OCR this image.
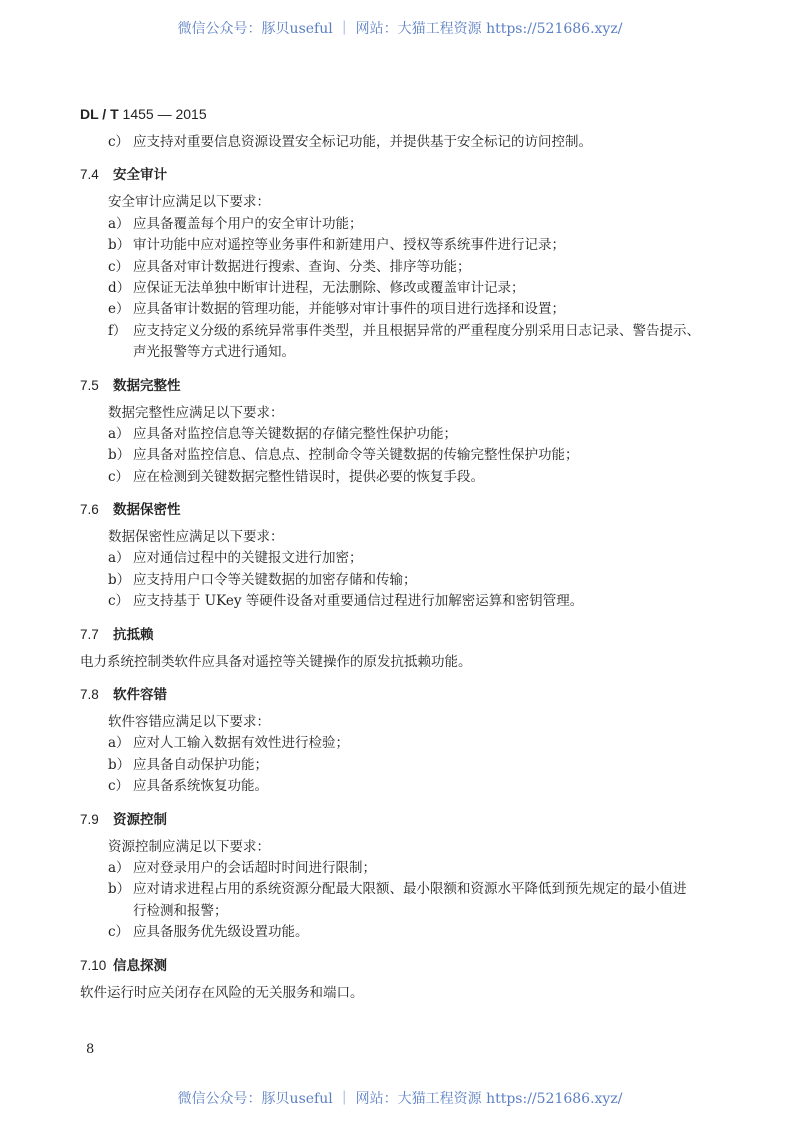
微信公众号：豚贝useful ｜ 网站：大猫工程资源 https://521686.xyz/
DL / T 1455 — 2015
c） 应支持对重要信息资源设置安全标记功能，并提供基于安全标记的访问控制。
7.4 安全审计
安全审计应满足以下要求：
a） 应具备覆盖每个用户的安全审计功能；
b） 审计功能中应对遥控等业务事件和新建用户、授权等系统事件进行记录；
c） 应具备对审计数据进行搜索、查询、分类、排序等功能；
d） 应保证无法单独中断审计进程，无法删除、修改或覆盖审计记录；
e） 应具备审计数据的管理功能，并能够对审计事件的项目进行选择和设置；
f） 应支持定义分级的系统异常事件类型，并且根据异常的严重程度分别采用日志记录、警告提示、
声光报警等方式进行通知。
7.5 数据完整性
数据完整性应满足以下要求：
a） 应具备对监控信息等关键数据的存储完整性保护功能；
b） 应具备对监控信息、信息点、控制命令等关键数据的传输完整性保护功能；
c） 应在检测到关键数据完整性错误时，提供必要的恢复手段。
7.6 数据保密性
数据保密性应满足以下要求：
a） 应对通信过程中的关键报文进行加密；
b） 应支持用户口令等关键数据的加密存储和传输；
c） 应支持基于 UKey 等硬件设备对重要通信过程进行加解密运算和密钥管理。
7.7 抗抵赖
电力系统控制类软件应具备对遥控等关键操作的原发抗抵赖功能。
7.8 软件容错
软件容错应满足以下要求：
a） 应对人工输入数据有效性进行检验；
b） 应具备自动保护功能；
c） 应具备系统恢复功能。
7.9 资源控制
资源控制应满足以下要求：
a） 应对登录用户的会话超时时间进行限制；
b） 应对请求进程占用的系统资源分配最大限额、最小限额和资源水平降低到预先规定的最小值进
行检测和报警；
c） 应具备服务优先级设置功能。
7.10 信息探测
软件运行时应关闭存在风险的无关服务和端口。
8
微信公众号：豚贝useful ｜ 网站：大猫工程资源 https://521686.xyz/
